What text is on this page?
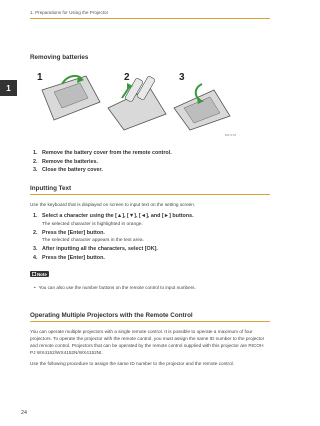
1. Preparations for Using the Projector
1
Removing batteries
1	2	3
DHT178
1. Remove the battery cover from the remote control.
2. Remove the batteries.
3. Close the battery cover.
Inputting Text

Use the keyboard that is displayed on screen to input text on the setting screen.

1. Select a character using the [▲], [▼], [◄], and [►] buttons.
The selected character is highlighted in orange.
2. Press the [Enter] button.
The selected character appears in the text area.
3. After inputting all the characters, select [OK].
4. Press the [Enter] button.
Note
• You can also use the number buttons on the remote control to input numbers.
Operating Multiple Projectors with the Remote Control

You can operate multiple projectors with a single remote control. It is possible to operate a maximum of four projectors. To operate the projector with the remote control, you must assign the same ID number to the projector and remote control. Projectors that can be operated by the remote control supplied with this projector are RICOH PJ WX4152/WX4152N/WX4152NI.

Use the following procedure to assign the same ID number to the projector and the remote control.

24
